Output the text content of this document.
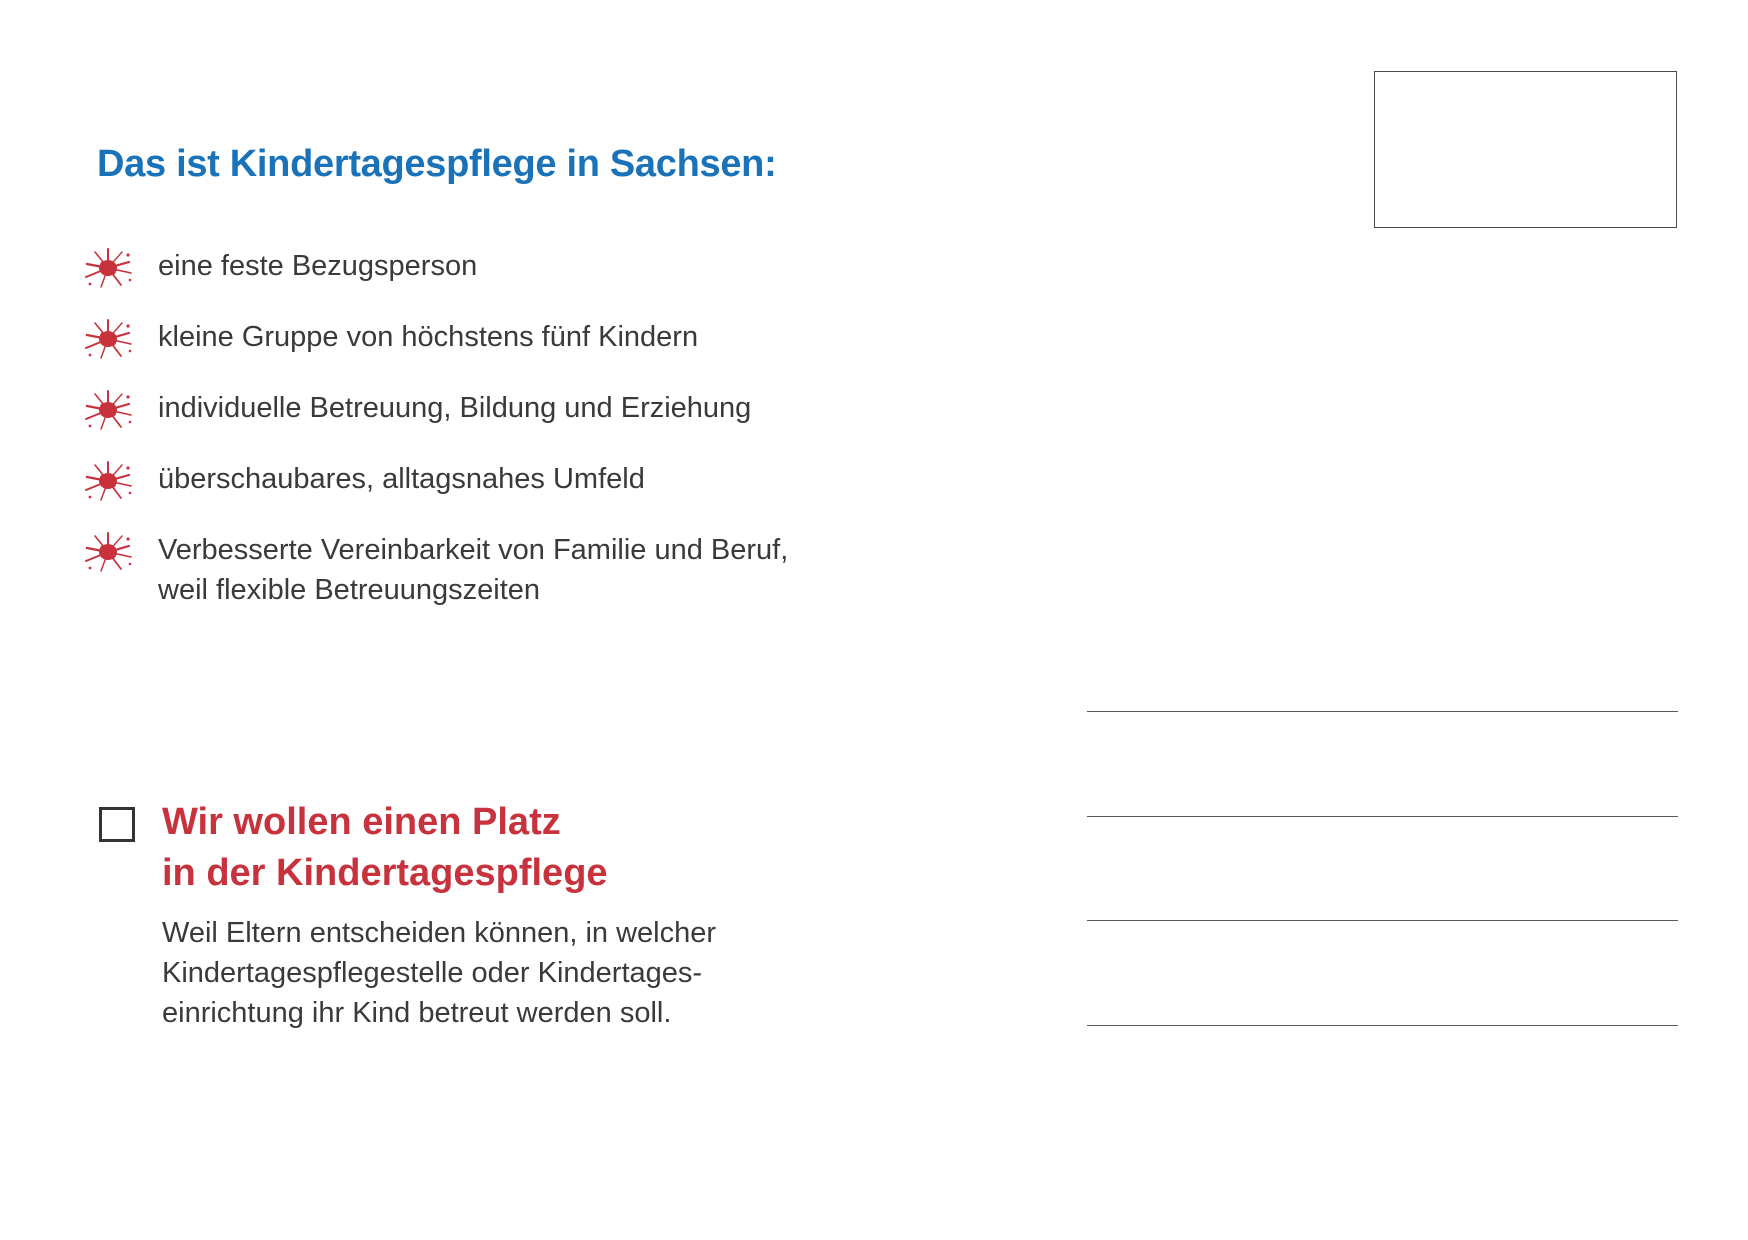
Das ist Kindertagespflege in Sachsen:
eine feste Bezugsperson
kleine Gruppe von höchstens fünf Kindern
individuelle Betreuung, Bildung und Erziehung
überschaubares, alltagsnahes Umfeld
Verbesserte Vereinbarkeit von Familie und Beruf,
weil flexible Betreuungszeiten
Wir wollen einen Platz
in der Kindertagespflege

Weil Eltern entscheiden können, in welcher
Kindertagespflegestelle oder Kindertages-
einrichtung ihr Kind betreut werden soll.
